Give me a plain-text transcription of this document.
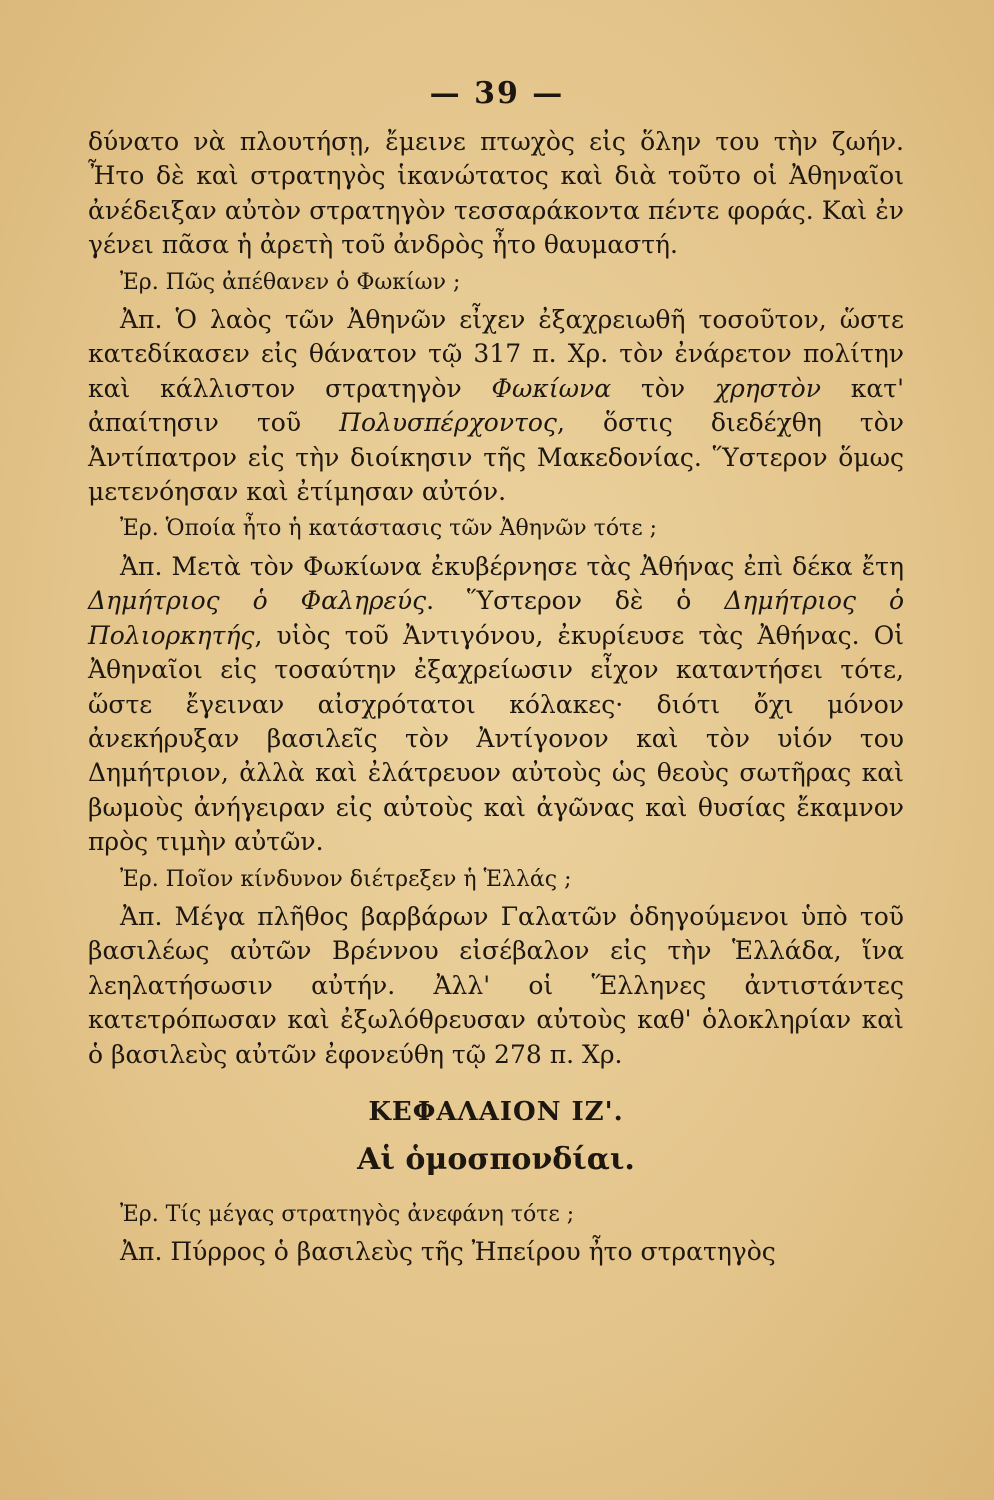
— 39 —

δύνατο νὰ πλουτήσῃ, ἔμεινε πτωχὸς εἰς ὅλην του τὴν ζωήν. Ἦτο δὲ καὶ στρατηγὸς ἱκανώτατος καὶ διὰ τοῦτο οἱ Ἀθηναῖοι ἀνέδειξαν αὐτὸν στρατηγὸν τεσσαράκοντα πέντε φοράς. Καὶ ἐν γένει πᾶσα ἡ ἀρετὴ τοῦ ἀνδρὸς ἦτο θαυμαστή.

Ἐρ. Πῶς ἀπέθανεν ὁ Φωκίων ;

Ἀπ. Ὁ λαὸς τῶν Ἀθηνῶν εἶχεν ἐξαχρειωθῆ τοσοῦτον, ὥστε κατεδίκασεν εἰς θάνατον τῷ 317 π. Χρ. τὸν ἐνάρετον πολίτην καὶ κάλλιστον στρατηγὸν Φωκίωνα τὸν χρηστὸν κατ' ἀπαίτησιν τοῦ Πολυσπέρχοντος, ὅστις διεδέχθη τὸν Ἀντίπατρον εἰς τὴν διοίκησιν τῆς Μακεδονίας. Ὕστερον ὅμως μετενόησαν καὶ ἐτίμησαν αὐτόν.

Ἐρ. Ὁποία ἦτο ἡ κατάστασις τῶν Ἀθηνῶν τότε ;

Ἀπ. Μετὰ τὸν Φωκίωνα ἐκυβέρνησε τὰς Ἀθήνας ἐπὶ δέκα ἔτη Δημήτριος ὁ Φαληρεύς. Ὕστερον δὲ ὁ Δημήτριος ὁ Πολιορκητής, υἱὸς τοῦ Ἀντιγόνου, ἐκυρίευσε τὰς Ἀθήνας. Οἱ Ἀθηναῖοι εἰς τοσαύτην ἐξαχρείωσιν εἶχον καταντήσει τότε, ὥστε ἔγειναν αἰσχρότατοι κόλακες· διότι ὄχι μόνον ἀνεκήρυξαν βασιλεῖς τὸν Ἀντίγονον καὶ τὸν υἱόν του Δημήτριον, ἀλλὰ καὶ ἐλάτρευον αὐτοὺς ὡς θεοὺς σωτῆρας καὶ βωμοὺς ἀνήγειραν εἰς αὐτοὺς καὶ ἀγῶνας καὶ θυσίας ἔκαμνον πρὸς τιμὴν αὐτῶν.

Ἐρ. Ποῖον κίνδυνον διέτρεξεν ἡ Ἑλλάς ;

Ἀπ. Μέγα πλῆθος βαρβάρων Γαλατῶν ὁδηγούμενοι ὑπὸ τοῦ βασιλέως αὐτῶν Βρέννου εἰσέβαλον εἰς τὴν Ἑλλάδα, ἵνα λεηλατήσωσιν αὐτήν. Ἀλλ' οἱ Ἕλληνες ἀντιστάντες κατετρόπωσαν καὶ ἐξωλόθρευσαν αὐτοὺς καθ' ὁλοκληρίαν καὶ ὁ βασιλεὺς αὐτῶν ἐφονεύθη τῷ 278 π. Χρ.

ΚΕΦΑΛΑΙΟΝ ΙΖ'.
Αἱ ὁμοσπονδίαι.

Ἐρ. Τίς μέγας στρατηγὸς ἀνεφάνη τότε ;

Ἀπ. Πύρρος ὁ βασιλεὺς τῆς Ἠπείρου ἦτο στρατηγὸς
